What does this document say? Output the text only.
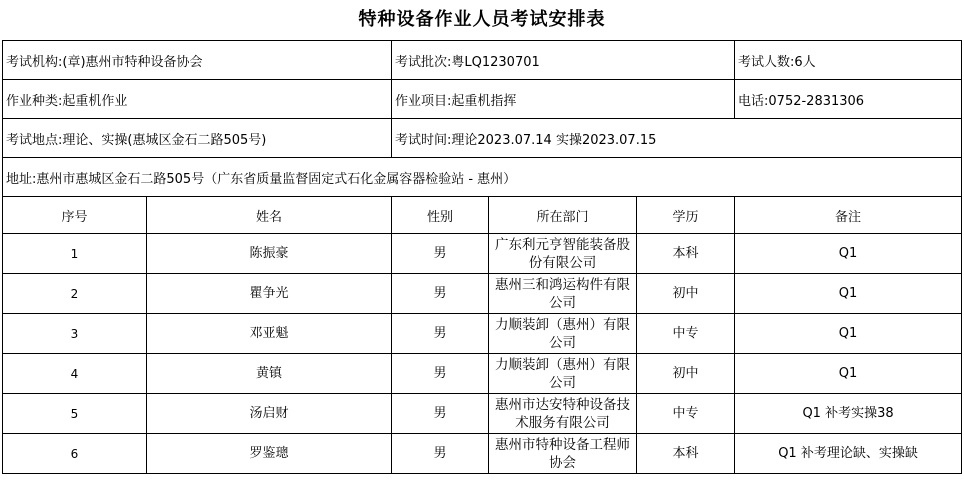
特种设备作业人员考试安排表
考试机构:(章)惠州市特种设备协会		考试批次:粤LQ1230701			考试人数:6人
作业种类:起重机作业		作业项目:起重机指挥			电话:0752-2831306
考试地点:理论、实操(惠城区金石二路505号)		考试时间:理论2023.07.14 实操2023.07.15			
地址:惠州市惠城区金石二路505号（广东省质量监督固定式石化金属容器检验站 - 惠州）					
序号	姓名	性别	所在部门	学历	备注
1	陈振豪	男	广东利元亨智能装备股份有限公司	本科	Q1
2	瞿争光	男	惠州三和鸿运构件有限公司	初中	Q1
3	邓亚魁	男	力顺装卸（惠州）有限公司	中专	Q1
4	黄镇	男	力顺装卸（惠州）有限公司	初中	Q1
5	汤启财	男	惠州市达安特种设备技术服务有限公司	中专	Q1 补考实操38
6	罗鉴璁	男	惠州市特种设备工程师协会	本科	Q1 补考理论缺、实操缺
